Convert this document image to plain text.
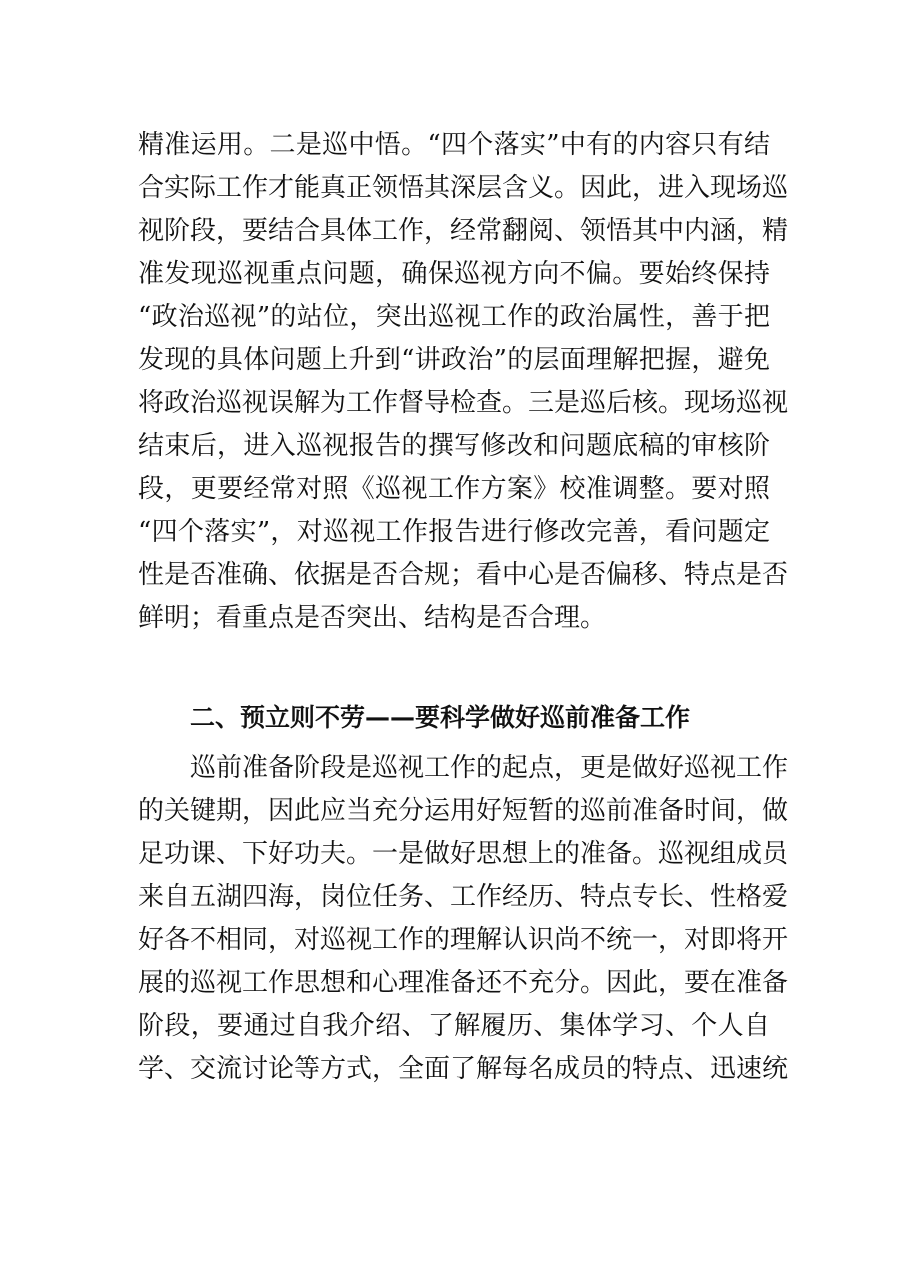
精准运用。二是巡中悟。“四个落实”中有的内容只有结
合实际工作才能真正领悟其深层含义。因此，进入现场巡
视阶段，要结合具体工作，经常翻阅、领悟其中内涵，精
准发现巡视重点问题，确保巡视方向不偏。要始终保持
“政治巡视”的站位，突出巡视工作的政治属性，善于把
发现的具体问题上升到“讲政治”的层面理解把握，避免
将政治巡视误解为工作督导检查。三是巡后核。现场巡视
结束后，进入巡视报告的撰写修改和问题底稿的审核阶
段，更要经常对照《巡视工作方案》校准调整。要对照
“四个落实”，对巡视工作报告进行修改完善，看问题定
性是否准确、依据是否合规；看中心是否偏移、特点是否
鲜明；看重点是否突出、结构是否合理。
二、预立则不劳——要科学做好巡前准备工作
巡前准备阶段是巡视工作的起点，更是做好巡视工作
的关键期，因此应当充分运用好短暂的巡前准备时间，做
足功课、下好功夫。一是做好思想上的准备。巡视组成员
来自五湖四海，岗位任务、工作经历、特点专长、性格爱
好各不相同，对巡视工作的理解认识尚不统一，对即将开
展的巡视工作思想和心理准备还不充分。因此，要在准备
阶段，要通过自我介绍、了解履历、集体学习、个人自
学、交流讨论等方式，全面了解每名成员的特点、迅速统
